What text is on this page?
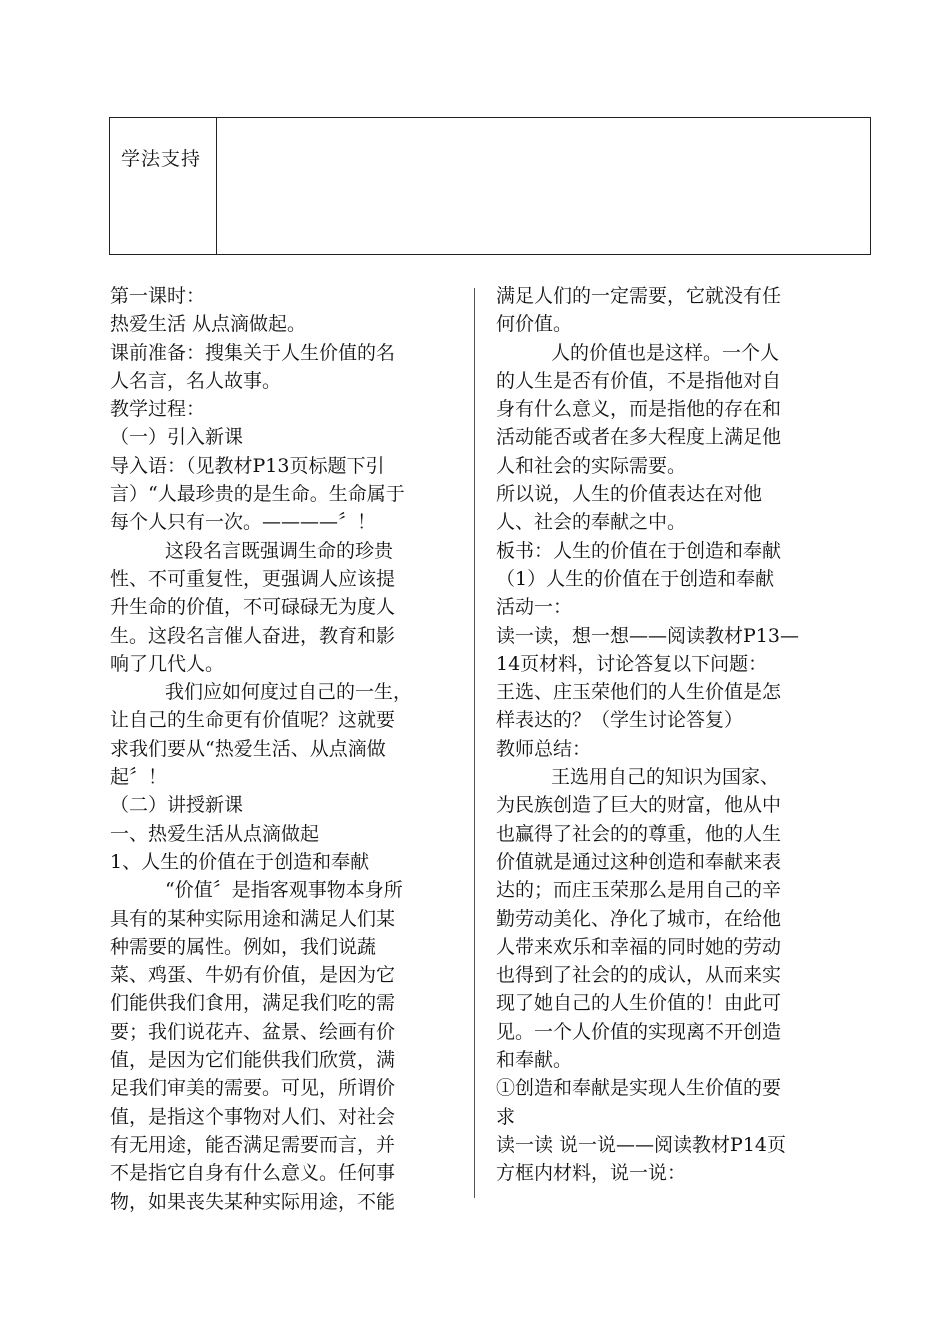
学法支持

第一课时：

热爱生活 从点滴做起。

课前准备：搜集关于人生价值的名

人名言，名人故事。

教学过程：

（一）引入新课

导入语：（见教材P13页标题下引

言）“人最珍贵的是生命。生命属于

每个人只有一次。————〞！

这段名言既强调生命的珍贵

性、不可重复性，更强调人应该提

升生命的价值，不可碌碌无为度人

生。这段名言催人奋进，教育和影

响了几代人。

我们应如何度过自己的一生，

让自己的生命更有价值呢？这就要

求我们要从“热爱生活、从点滴做

起〞！

（二）讲授新课

一、热爱生活从点滴做起

1、人生的价值在于创造和奉献

“价值〞是指客观事物本身所

具有的某种实际用途和满足人们某

种需要的属性。例如，我们说蔬

菜、鸡蛋、牛奶有价值，是因为它

们能供我们食用，满足我们吃的需

要；我们说花卉、盆景、绘画有价

值，是因为它们能供我们欣赏，满

足我们审美的需要。可见，所谓价

值，是指这个事物对人们、对社会

有无用途，能否满足需要而言，并

不是指它自身有什么意义。任何事

物，如果丧失某种实际用途，不能

满足人们的一定需要，它就没有任

何价值。

人的价值也是这样。一个人

的人生是否有价值，不是指他对自

身有什么意义，而是指他的存在和

活动能否或者在多大程度上满足他

人和社会的实际需要。

所以说，人生的价值表达在对他

人、社会的奉献之中。

板书：人生的价值在于创造和奉献

（1）人生的价值在于创造和奉献

活动一：

读一读，想一想——阅读教材P13—

14页材料，讨论答复以下问题：

王选、庄玉荣他们的人生价值是怎

样表达的？（学生讨论答复）

教师总结：

王选用自己的知识为国家、

为民族创造了巨大的财富，他从中

也赢得了社会的的尊重，他的人生

价值就是通过这种创造和奉献来表

达的；而庄玉荣那么是用自己的辛

勤劳动美化、净化了城市，在给他

人带来欢乐和幸福的同时她的劳动

也得到了社会的的成认，从而来实

现了她自己的人生价值的！由此可

见。一个人价值的实现离不开创造

和奉献。

①创造和奉献是实现人生价值的要

求

读一读 说一说——阅读教材P14页

方框内材料，说一说：
